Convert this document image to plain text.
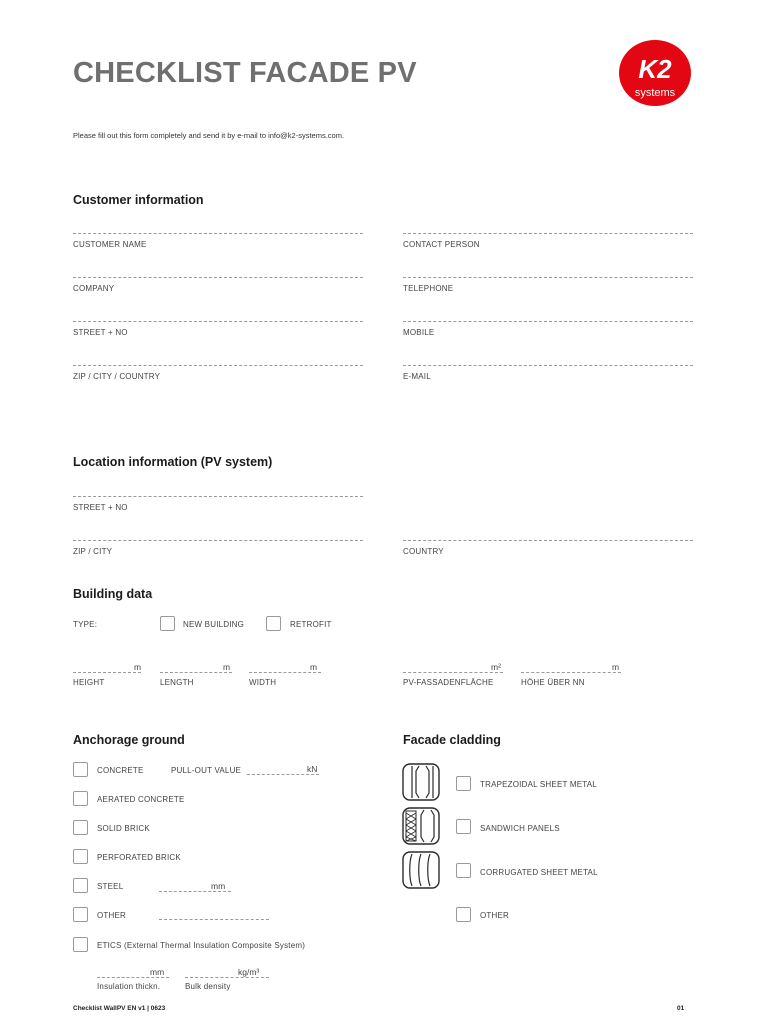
CHECKLIST FACADE PV
Please fill out this form completely and send it by e-mail to info@k2-systems.com.
K2
systems
Customer information
CUSTOMER NAME	CONTACT PERSON
COMPANY	TELEPHONE
STREET + NO	MOBILE
ZIP / CITY / COUNTRY	E-MAIL
Location information (PV system)
STREET + NO
ZIP / CITY	COUNTRY
Building data
TYPE:	NEW BUILDING	RETROFIT
m
HEIGHT
m
LENGTH
m
WIDTH
m²
PV-FASSADENFLÄCHE
m
HÖHE ÜBER NN
Anchorage ground
CONCRETE	PULL-OUT VALUE	kN
AERATED CONCRETE
SOLID BRICK
PERFORATED BRICK
STEEL	mm
OTHER
ETICS (External Thermal Insulation Composite System)
mm
Insulation thickn.
kg/m³
Bulk density
Facade cladding
TRAPEZOIDAL SHEET METAL
SANDWICH PANELS
CORRUGATED SHEET METAL
OTHER
Checklist WallPV EN v1 | 0623	01
